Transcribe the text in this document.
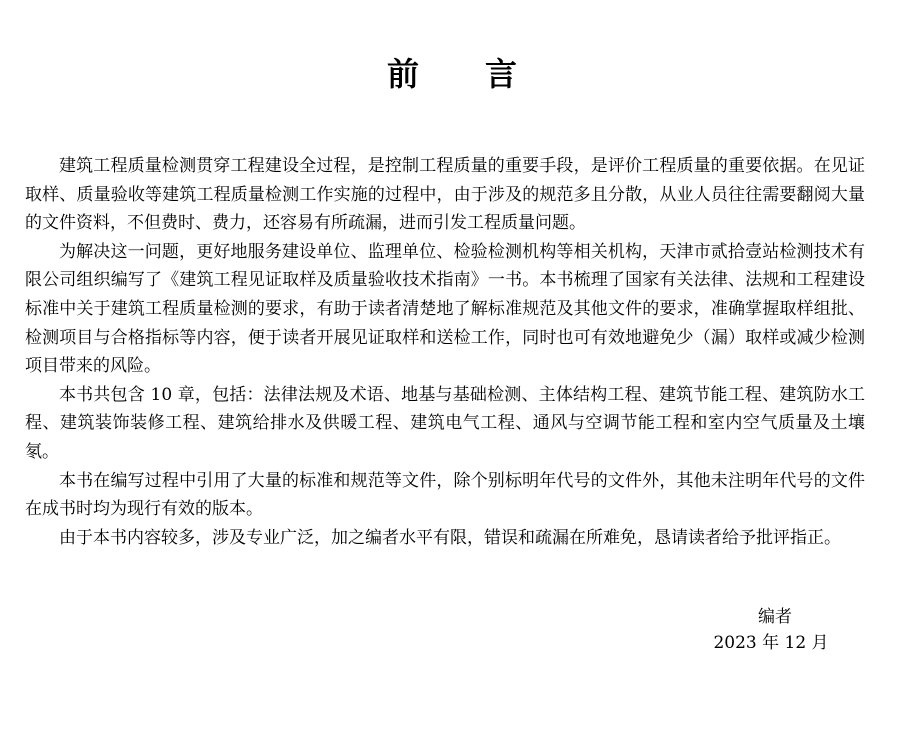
前言

建筑工程质量检测贯穿工程建设全过程，是控制工程质量的重要手段，是评价工程质量的重要依据。在见证取样、质量验收等建筑工程质量检测工作实施的过程中，由于涉及的规范多且分散，从业人员往往需要翻阅大量的文件资料，不但费时、费力，还容易有所疏漏，进而引发工程质量问题。

为解决这一问题，更好地服务建设单位、监理单位、检验检测机构等相关机构，天津市贰拾壹站检测技术有限公司组织编写了《建筑工程见证取样及质量验收技术指南》一书。本书梳理了国家有关法律、法规和工程建设标准中关于建筑工程质量检测的要求，有助于读者清楚地了解标准规范及其他文件的要求，准确掌握取样组批、检测项目与合格指标等内容，便于读者开展见证取样和送检工作，同时也可有效地避免少（漏）取样或减少检测项目带来的风险。

本书共包含 10 章，包括：法律法规及术语、地基与基础检测、主体结构工程、建筑节能工程、建筑防水工程、建筑装饰装修工程、建筑给排水及供暖工程、建筑电气工程、通风与空调节能工程和室内空气质量及土壤氡。

本书在编写过程中引用了大量的标准和规范等文件，除个别标明年代号的文件外，其他未注明年代号的文件在成书时均为现行有效的版本。

由于本书内容较多，涉及专业广泛，加之编者水平有限，错误和疏漏在所难免，恳请读者给予批评指正。

编者
2023 年 12 月
